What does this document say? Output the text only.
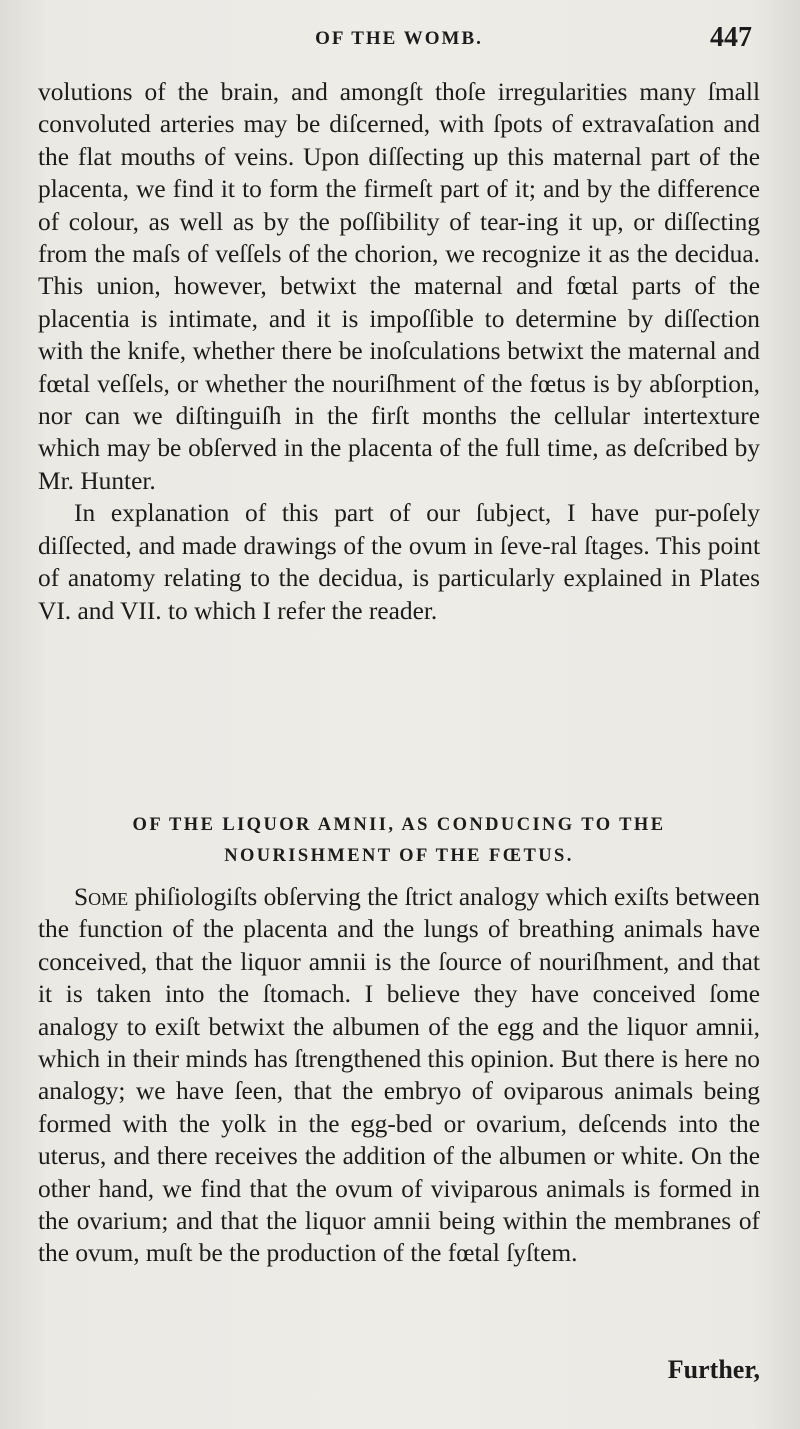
OF THE WOMB.	447

volutions of the brain, and amongſt thoſe irregularities many ſmall convoluted arteries may be diſcerned, with ſpots of extravaſation and the flat mouths of veins. Upon diſſecting up this maternal part of the placenta, we find it to form the firmeſt part of it; and by the difference of colour, as well as by the poſſibility of tear-ing it up, or diſſecting from the maſs of veſſels of the chorion, we recognize it as the decidua. This union, however, betwixt the maternal and fœtal parts of the placentia is intimate, and it is impoſſible to determine by diſſection with the knife, whether there be inoſculations betwixt the maternal and fœtal veſſels, or whether the nouriſhment of the fœtus is by abſorption, nor can we diſtinguiſh in the firſt months the cellular intertexture which may be obſerved in the placenta of the full time, as deſcribed by Mr. Hunter.

In explanation of this part of our ſubject, I have pur-poſely diſſected, and made drawings of the ovum in ſeve-ral ſtages. This point of anatomy relating to the decidua, is particularly explained in Plates VI. and VII. to which I refer the reader.

OF THE LIQUOR AMNII, AS CONDUCING TO THE
NOURISHMENT OF THE FŒTUS.

Some phiſiologiſts obſerving the ſtrict analogy which exiſts between the function of the placenta and the lungs of breathing animals have conceived, that the liquor amnii is the ſource of nouriſhment, and that it is taken into the ſtomach. I believe they have conceived ſome analogy to exiſt betwixt the albumen of the egg and the liquor amnii, which in their minds has ſtrengthened this opinion. But there is here no analogy; we have ſeen, that the embryo of oviparous animals being formed with the yolk in the egg-bed or ovarium, deſcends into the uterus, and there receives the addition of the albumen or white. On the other hand, we find that the ovum of viviparous animals is formed in the ovarium; and that the liquor amnii being within the membranes of the ovum, muſt be the production of the fœtal ſyſtem.

Further,
